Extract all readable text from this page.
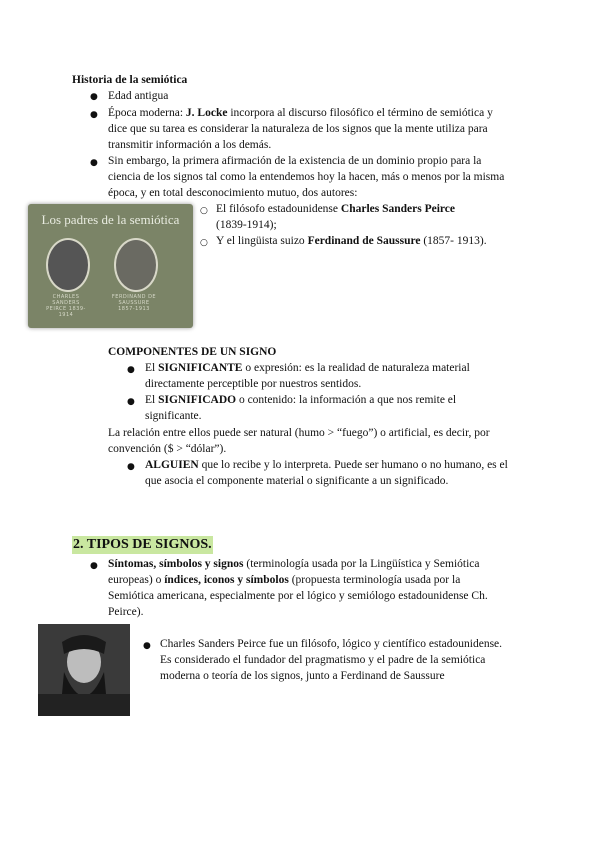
Historia de la semiótica
● Edad antigua
● Época moderna: J. Locke incorpora al discurso filosófico el término de semiótica y
dice que su tarea es considerar la naturaleza de los signos que la mente utiliza para
transmitir información a los demás.
● Sin embargo, la primera afirmación de la existencia de un dominio propio para la
ciencia de los signos tal como la entendemos hoy la hacen, más o menos por la misma
época, y en total desconocimiento mutuo, dos autores:
○ El filósofo estadounidense Charles Sanders Peirce
(1839-1914);
○ Y el lingüista suizo Ferdinand de Saussure (1857- 1913).
Los padres de la semiótica
CHARLES SANDERS PEIRCE 1839-1914
FERDINAND DE SAUSSURE 1857-1913
COMPONENTES DE UN SIGNO
● El SIGNIFICANTE o expresión: es la realidad de naturaleza material
directamente perceptible por nuestros sentidos.
● El SIGNIFICADO o contenido: la información a que nos remite el
significante.
La relación entre ellos puede ser natural (humo > “fuego”) o artificial, es decir, por
convención ($ > “dólar”).
● ALGUIEN que lo recibe y lo interpreta. Puede ser humano o no humano, es el
que asocia el componente material o significante a un significado.
2. TIPOS DE SIGNOS.
● Síntomas, símbolos y signos (terminología usada por la Lingüística y Semiótica
europeas) o índices, iconos y símbolos (propuesta terminología usada por la
Semiótica americana, especialmente por el lógico y semiólogo estadounidense Ch.
Peirce).
● Charles Sanders Peirce fue un filósofo, lógico y científico estadounidense.
Es considerado el fundador del pragmatismo y el padre de la semiótica
moderna o teoría de los signos, junto a Ferdinand de Saussure
